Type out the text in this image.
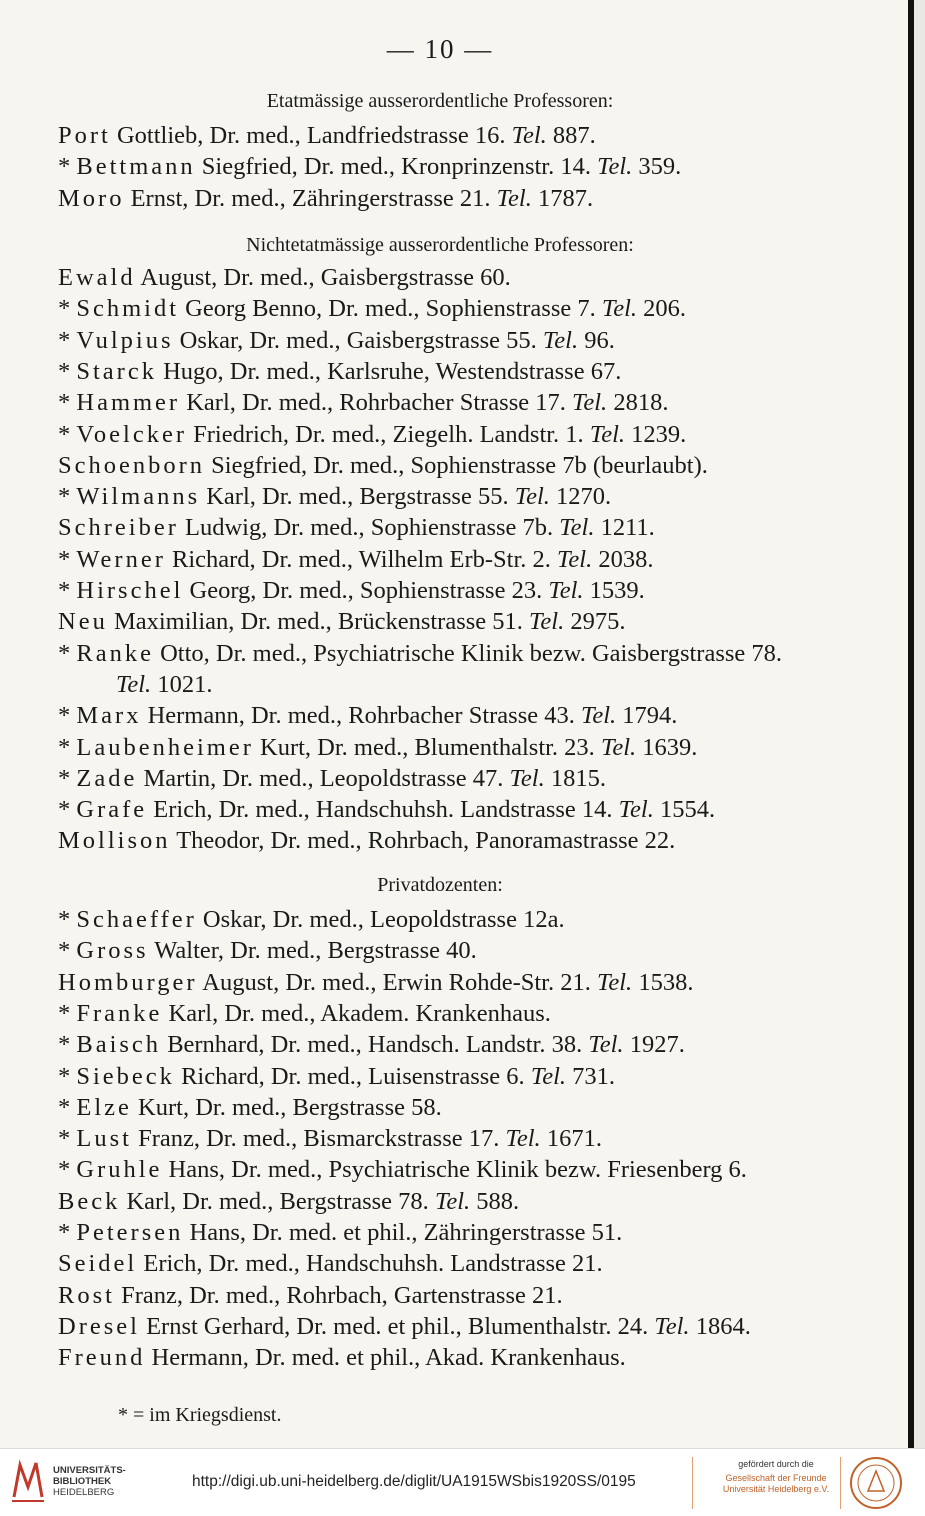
— 10 —
Etatmässige ausserordentliche Professoren:
Port Gottlieb, Dr. med., Landfriedstrasse 16. Tel. 887.
* Bettmann Siegfried, Dr. med., Kronprinzenstr. 14. Tel. 359.
Moro Ernst, Dr. med., Zähringerstrasse 21. Tel. 1787.
Nichtetatmässige ausserordentliche Professoren:
Ewald August, Dr. med., Gaisbergstrasse 60.
* Schmidt Georg Benno, Dr. med., Sophienstrasse 7. Tel. 206.
* Vulpius Oskar, Dr. med., Gaisbergstrasse 55. Tel. 96.
* Starck Hugo, Dr. med., Karlsruhe, Westendstrasse 67.
* Hammer Karl, Dr. med., Rohrbacher Strasse 17. Tel. 2818.
* Voelcker Friedrich, Dr. med., Ziegelh. Landstr. 1. Tel. 1239.
Schoenborn Siegfried, Dr. med., Sophienstrasse 7b (beurlaubt).
* Wilmanns Karl, Dr. med., Bergstrasse 55. Tel. 1270.
Schreiber Ludwig, Dr. med., Sophienstrasse 7b. Tel. 1211.
* Werner Richard, Dr. med., Wilhelm Erb-Str. 2. Tel. 2038.
* Hirschel Georg, Dr. med., Sophienstrasse 23. Tel. 1539.
Neu Maximilian, Dr. med., Brückenstrasse 51. Tel. 2975.
* Ranke Otto, Dr. med., Psychiatrische Klinik bezw. Gaisbergstrasse 78.
Tel. 1021.
* Marx Hermann, Dr. med., Rohrbacher Strasse 43. Tel. 1794.
* Laubenheimer Kurt, Dr. med., Blumenthalstr. 23. Tel. 1639.
* Zade Martin, Dr. med., Leopoldstrasse 47. Tel. 1815.
* Grafe Erich, Dr. med., Handschuhsh. Landstrasse 14. Tel. 1554.
Mollison Theodor, Dr. med., Rohrbach, Panoramastrasse 22.
Privatdozenten:
* Schaeffer Oskar, Dr. med., Leopoldstrasse 12a.
* Gross Walter, Dr. med., Bergstrasse 40.
Homburger August, Dr. med., Erwin Rohde-Str. 21. Tel. 1538.
* Franke Karl, Dr. med., Akadem. Krankenhaus.
* Baisch Bernhard, Dr. med., Handsch. Landstr. 38. Tel. 1927.
* Siebeck Richard, Dr. med., Luisenstrasse 6. Tel. 731.
* Elze Kurt, Dr. med., Bergstrasse 58.
* Lust Franz, Dr. med., Bismarckstrasse 17. Tel. 1671.
* Gruhle Hans, Dr. med., Psychiatrische Klinik bezw. Friesenberg 6.
Beck Karl, Dr. med., Bergstrasse 78. Tel. 588.
* Petersen Hans, Dr. med. et phil., Zähringerstrasse 51.
Seidel Erich, Dr. med., Handschuhsh. Landstrasse 21.
Rost Franz, Dr. med., Rohrbach, Gartenstrasse 21.
Dresel Ernst Gerhard, Dr. med. et phil., Blumenthalstr. 24. Tel. 1864.
Freund Hermann, Dr. med. et phil., Akad. Krankenhaus.
* = im Kriegsdienst.
UNIVERSITÄTS-
BIBLIOTHEK
HEIDELBERG
http://digi.ub.uni-heidelberg.de/diglit/UA1915WSbis1920SS/0195
gefördert durch die
Gesellschaft der Freunde
Universität Heidelberg e.V.
